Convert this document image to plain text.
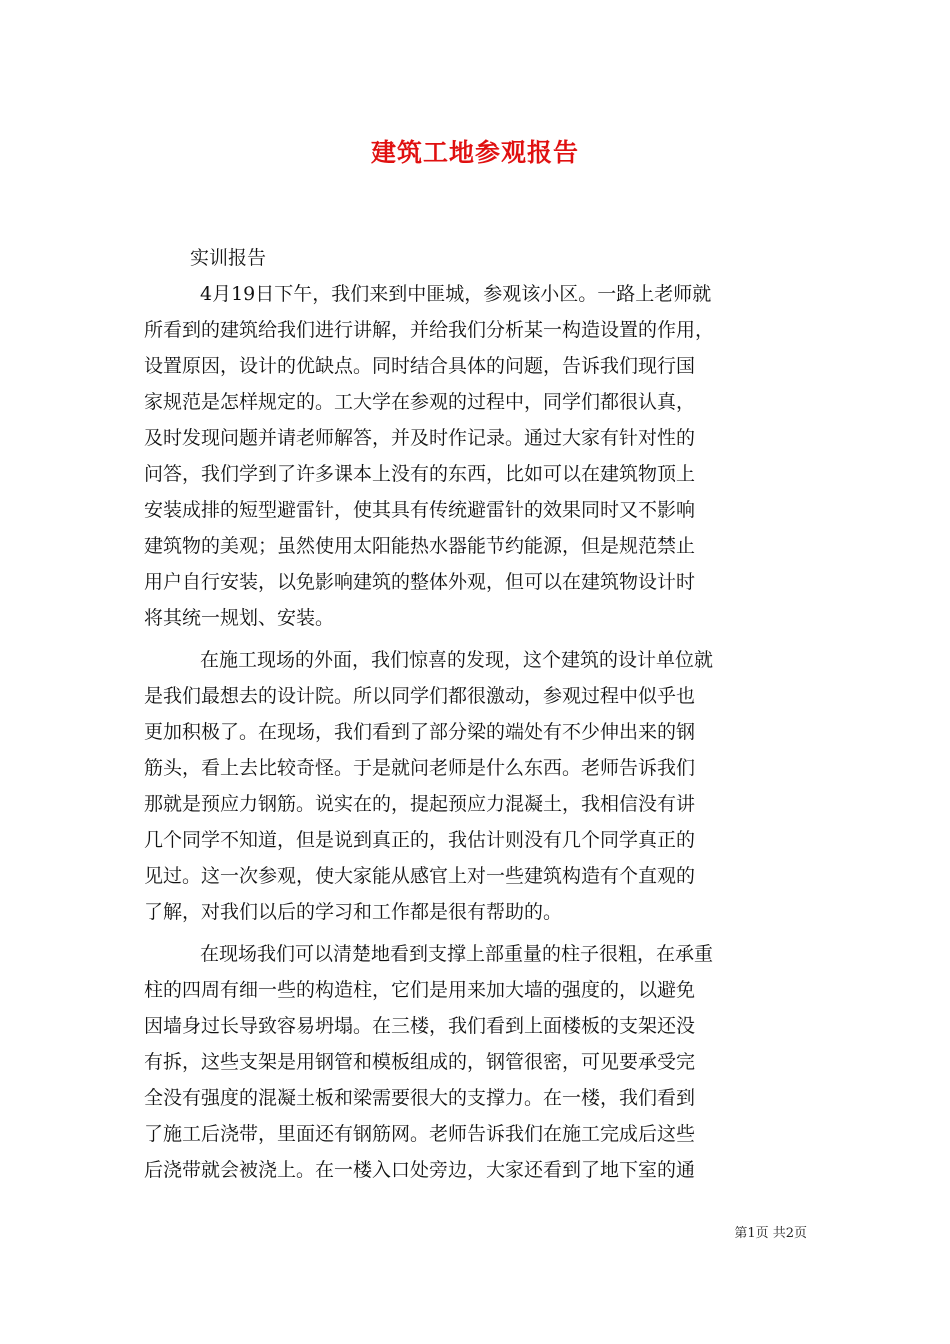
建筑工地参观报告
实训报告
4月19日下午，我们来到中匪城，参观该小区。一路上老师就
所看到的建筑给我们进行讲解，并给我们分析某一构造设置的作用，
设置原因，设计的优缺点。同时结合具体的问题，告诉我们现行国
家规范是怎样规定的。工大学在参观的过程中，同学们都很认真，
及时发现问题并请老师解答，并及时作记录。通过大家有针对性的
问答，我们学到了许多课本上没有的东西，比如可以在建筑物顶上
安装成排的短型避雷针，使其具有传统避雷针的效果同时又不影响
建筑物的美观；虽然使用太阳能热水器能节约能源，但是规范禁止
用户自行安装，以免影响建筑的整体外观，但可以在建筑物设计时
将其统一规划、安装。
在施工现场的外面，我们惊喜的发现，这个建筑的设计单位就
是我们最想去的设计院。所以同学们都很激动，参观过程中似乎也
更加积极了。在现场，我们看到了部分梁的端处有不少伸出来的钢
筋头，看上去比较奇怪。于是就问老师是什么东西。老师告诉我们
那就是预应力钢筋。说实在的，提起预应力混凝土，我相信没有讲
几个同学不知道，但是说到真正的，我估计则没有几个同学真正的
见过。这一次参观，使大家能从感官上对一些建筑构造有个直观的
了解，对我们以后的学习和工作都是很有帮助的。
在现场我们可以清楚地看到支撑上部重量的柱子很粗，在承重
柱的四周有细一些的构造柱，它们是用来加大墙的强度的，以避免
因墙身过长导致容易坍塌。在三楼，我们看到上面楼板的支架还没
有拆，这些支架是用钢管和模板组成的，钢管很密，可见要承受完
全没有强度的混凝土板和梁需要很大的支撑力。在一楼，我们看到
了施工后浇带，里面还有钢筋网。老师告诉我们在施工完成后这些
后浇带就会被浇上。在一楼入口处旁边，大家还看到了地下室的通
第1页 共2页
